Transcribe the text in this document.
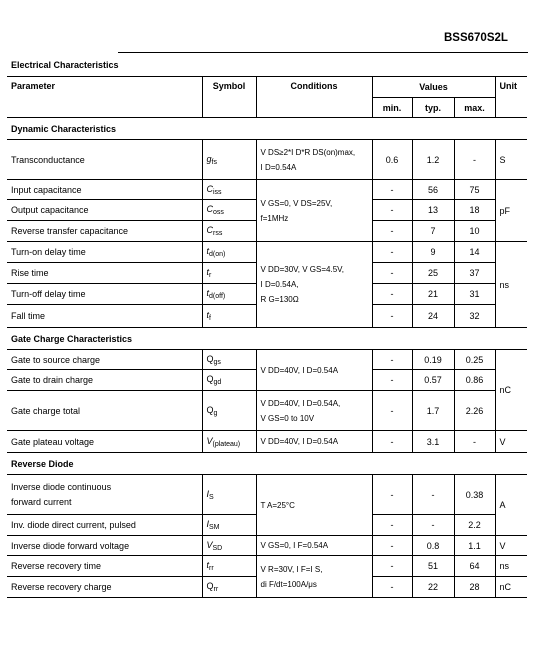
BSS670S2L
Electrical Characteristics
Parameter	Symbol	Conditions	Values			Unit
			min.	typ.	max.	
Dynamic Characteristics						
Transconductance	$g_{fs}$	V DS≥2*I D*R DS(on)max,
I D=0.54A	0.6	1.2	-	S
Input capacitance	$C_{iss}$	V GS=0, V DS=25V,
f=1MHz	-	56	75	pF
Output capacitance	$C_{oss}$		-	13	18	
Reverse transfer capacitance	$C_{rss}$		-	7	10	
Turn-on delay time	$t_{d(on)}$	V DD=30V, V GS=4.5V,
I D=0.54A,
R G=130Ω	-	9	14	ns
Rise time	$t_r$		-	25	37	
Turn-off delay time	$t_{d(off)}$		-	21	31	
Fall time	$t_f$		-	24	32	
Gate Charge Characteristics						
Gate to source charge	$Q_{gs}$	V DD=40V, I D=0.54A	-	0.19	0.25	nC
Gate to drain charge	$Q_{gd}$		-	0.57	0.86	
Gate charge total	$Q_g$	V DD=40V, I D=0.54A,
V GS=0 to 10V	-	1.7	2.26	
Gate plateau voltage	$V_{(plateau)}$	V DD=40V, I D=0.54A	-	3.1	-	V
Reverse Diode						

Inverse diode continuous
forward current	$I_S$	T A=25°C	-	-	0.38	A
Inv. diode direct current, pulsed	$I_{SM}$		-	-	2.2	
Inverse diode forward voltage	$V_{SD}$	V GS=0, I F=0.54A	-	0.8	1.1	V
Reverse recovery time	$t_{rr}$	V R=30V, I F=I S,
di F/dt=100A/μs	-	51	64	ns
Reverse recovery charge	$Q_{rr}$		-	22	28	nC
